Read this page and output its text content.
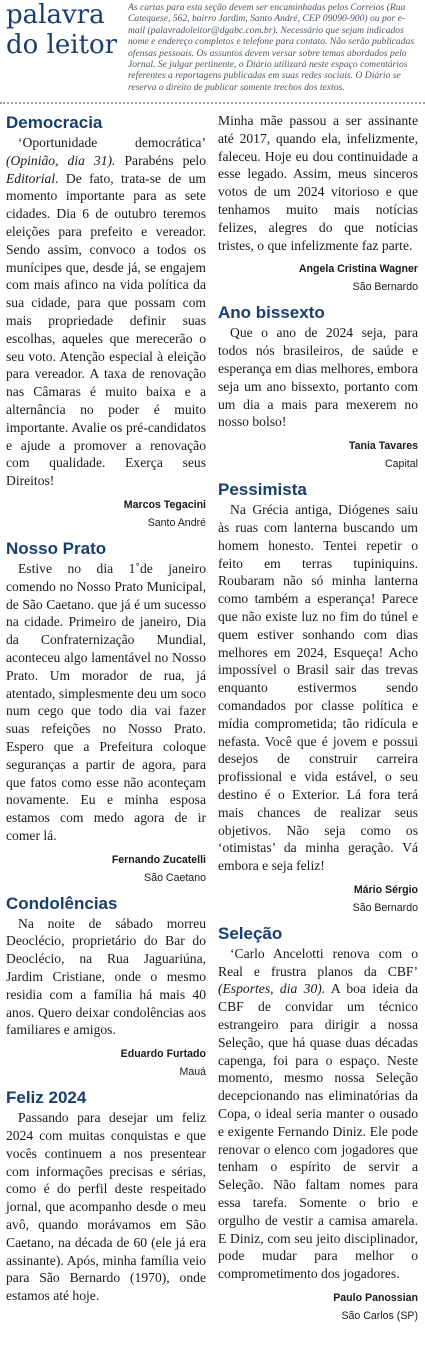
palavra
do leitor
As cartas para esta seção devem ser encaminhadas pelos Correios (Rua Catequese, 562, bairro Jardim, Santo André, CEP 09090-900) ou por e-mail (palavradoleitor@dgabc.com.br). Necessário que sejam indicados nome e endereço completos e telefone para contato. Não serão publicadas ofensas pessoais. Os assuntos devem versar sobre temas abordados pelo Jornal. Se julgar pertinente, o Diário utilizará neste espaço comentários referentes a reportagens publicadas em suas redes sociais. O Diário se reserva o direito de publicar somente trechos dos textos.
Democracia

‘Oportunidade democrática’ (Opinião, dia 31). Parabéns pelo Editorial. De fato, trata-se de um momento importante para as sete cidades. Dia 6 de outubro teremos eleições para prefeito e vereador. Sendo assim, convoco a todos os munícipes que, desde já, se engajem com mais afinco na vida política da sua cidade, para que possam com mais propriedade definir suas escolhas, aqueles que merecerão o seu voto. Atenção especial à eleição para vereador. A taxa de renovação nas Câmaras é muito baixa e a alternância no poder é muito importante. Avalie os pré-candidatos e ajude a promover a renovação com qualidade. Exerça seus Direitos!

Marcos Tegacini
Santo André
Nosso Prato

Estive no dia 1˚de janeiro comendo no Nosso Prato Municipal, de São Caetano. que já é um sucesso na cidade. Primeiro de janeiro, Dia da Confraternização Mundial, aconteceu algo lamentável no Nosso Prato. Um morador de rua, já atentado, simplesmente deu um soco num cego que todo dia vai fazer suas refeições no Nosso Prato. Espero que a Prefeitura coloque seguranças a partir de agora, para que fatos como esse não aconteçam novamente. Eu e minha esposa estamos com medo agora de ir comer lá.

Fernando Zucatelli
São Caetano
Condolências

Na noite de sábado morreu Deoclécio, proprietário do Bar do Deoclécio, na Rua Jaguariúna, Jardim Cristiane, onde o mesmo residia com a família há mais 40 anos. Quero deixar condolências aos familiares e amigos.

Eduardo Furtado
Mauá
Feliz 2024

Passando para desejar um feliz 2024 com muitas conquistas e que vocês continuem a nos presentear com informações precisas e sérias, como é do perfil deste respeitado jornal, que acompanho desde o meu avô, quando morávamos em São Caetano, na década de 60 (ele já era assinante). Após, minha família veio para São Bernardo (1970), onde estamos até hoje.

Minha mãe passou a ser assinante até 2017, quando ela, infelizmente, faleceu. Hoje eu dou continuidade a esse legado. Assim, meus sinceros votos de um 2024 vitorioso e que tenhamos muito mais notícias felizes, alegres do que notícias tristes, o que infelizmente faz parte.

Angela Cristina Wagner
São Bernardo
Ano bissexto

Que o ano de 2024 seja, para todos nós brasileiros, de saúde e esperança em dias melhores, embora seja um ano bissexto, portanto com um dia a mais para mexerem no nosso bolso!

Tania Tavares
Capital
Pessimista

Na Grécia antiga, Diógenes saiu às ruas com lanterna buscando um homem honesto. Tentei repetir o feito em terras tupiniquins. Roubaram não só minha lanterna como também a esperança! Parece que não existe luz no fim do túnel e quem estiver sonhando com dias melhores em 2024, Esqueça! Acho impossível o Brasil sair das trevas enquanto estivermos sendo comandados por classe política e mídia comprometida; tão ridícula e nefasta. Você que é jovem e possui desejos de construir carreira profissional e vida estável, o seu destino é o Exterior. Lá fora terá mais chances de realizar seus objetivos. Não seja como os ‘otimistas’ da minha geração. Vá embora e seja feliz!

Mário Sérgio
São Bernardo
Seleção

‘Carlo Ancelotti renova com o Real e frustra planos da CBF’ (Esportes, dia 30). A boa ideia da CBF de convidar um técnico estrangeiro para dirigir a nossa Seleção, que há quase duas décadas capenga, foi para o espaço. Neste momento, mesmo nossa Seleção decepcionando nas eliminatórias da Copa, o ideal seria manter o ousado e exigente Fernando Diniz. Ele pode renovar o elenco com jogadores que tenham o espírito de servir a Seleção. Não faltam nomes para essa tarefa. Somente o brio e orgulho de vestir a camisa amarela. E Diniz, com seu jeito disciplinador, pode mudar para melhor o comprometimento dos jogadores.

Paulo Panossian
São Carlos (SP)
